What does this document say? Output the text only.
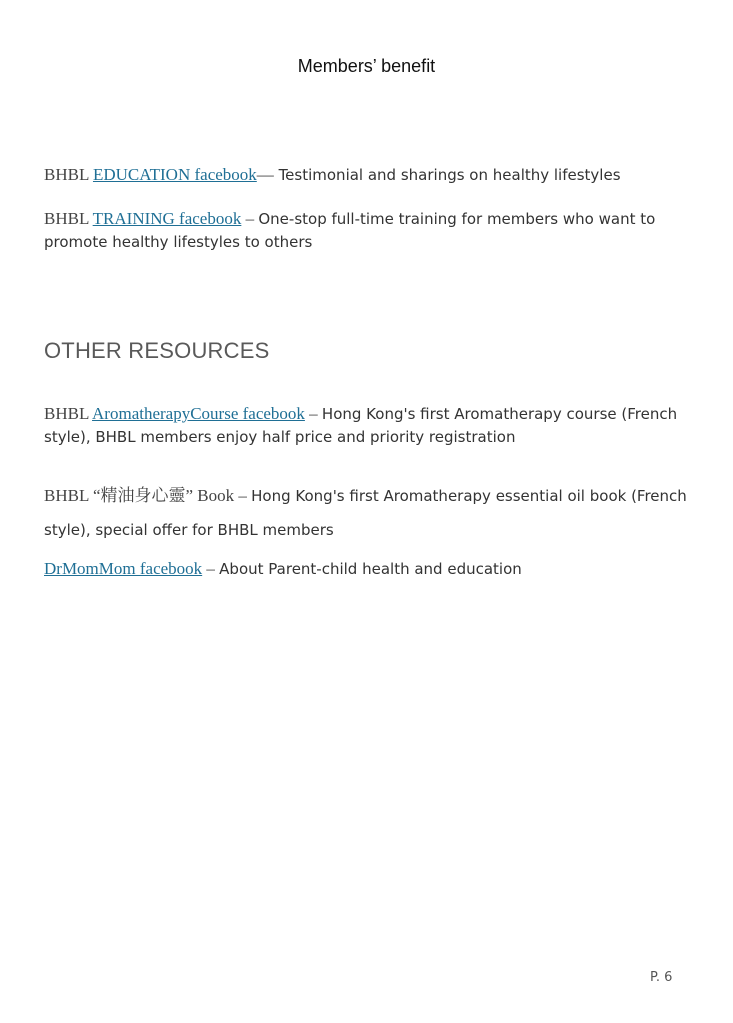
Members’ benefit
BHBL EDUCATION facebook— Testimonial and sharings on healthy lifestyles
BHBL TRAINING facebook – One-stop full-time training for members who want to promote healthy lifestyles to others
OTHER RESOURCES
BHBL AromatherapyCourse facebook – Hong Kong's first Aromatherapy course (French style), BHBL members enjoy half price and priority registration
BHBL “精油身心靈” Book – Hong Kong's first Aromatherapy essential oil book (French style), special offer for BHBL members
DrMomMom facebook – About Parent-child health and education
P. 6
